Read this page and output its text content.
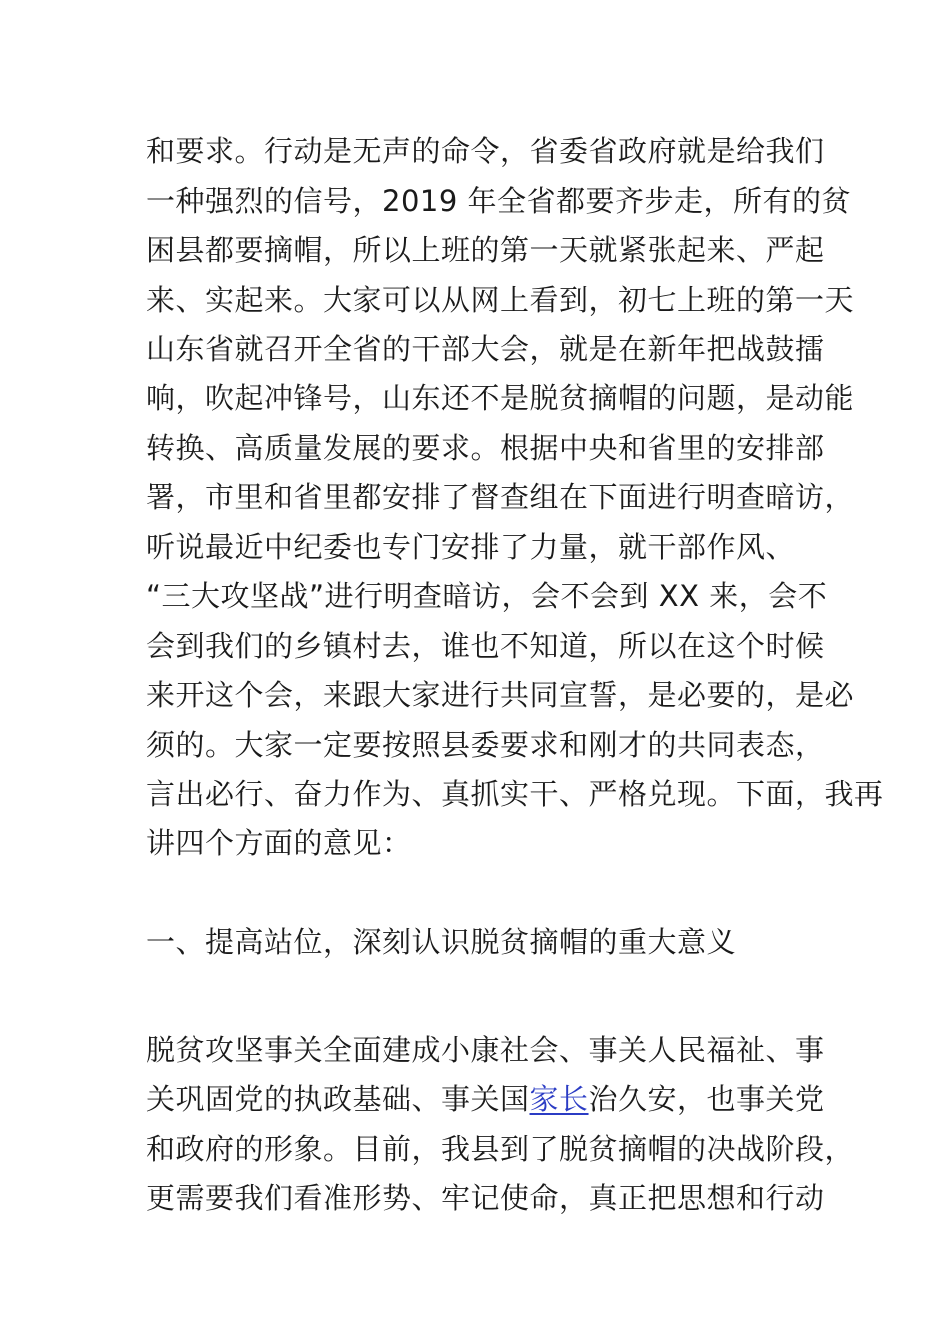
和要求。行动是无声的命令，省委省政府就是给我们
一种强烈的信号，2019 年全省都要齐步走，所有的贫
困县都要摘帽，所以上班的第一天就紧张起来、严起
来、实起来。大家可以从网上看到，初七上班的第一天
山东省就召开全省的干部大会，就是在新年把战鼓擂
响，吹起冲锋号，山东还不是脱贫摘帽的问题，是动能
转换、高质量发展的要求。根据中央和省里的安排部
署，市里和省里都安排了督查组在下面进行明查暗访，
听说最近中纪委也专门安排了力量，就干部作风、
“三大攻坚战”进行明查暗访，会不会到 XX 来，会不
会到我们的乡镇村去，谁也不知道，所以在这个时候
来开这个会，来跟大家进行共同宣誓，是必要的，是必
须的。大家一定要按照县委要求和刚才的共同表态，
言出必行、奋力作为、真抓实干、严格兑现。下面，我再
讲四个方面的意见：
一、提高站位，深刻认识脱贫摘帽的重大意义
脱贫攻坚事关全面建成小康社会、事关人民福祉、事
关巩固党的执政基础、事关国家长治久安，也事关党
和政府的形象。目前，我县到了脱贫摘帽的决战阶段，
更需要我们看准形势、牢记使命，真正把思想和行动
